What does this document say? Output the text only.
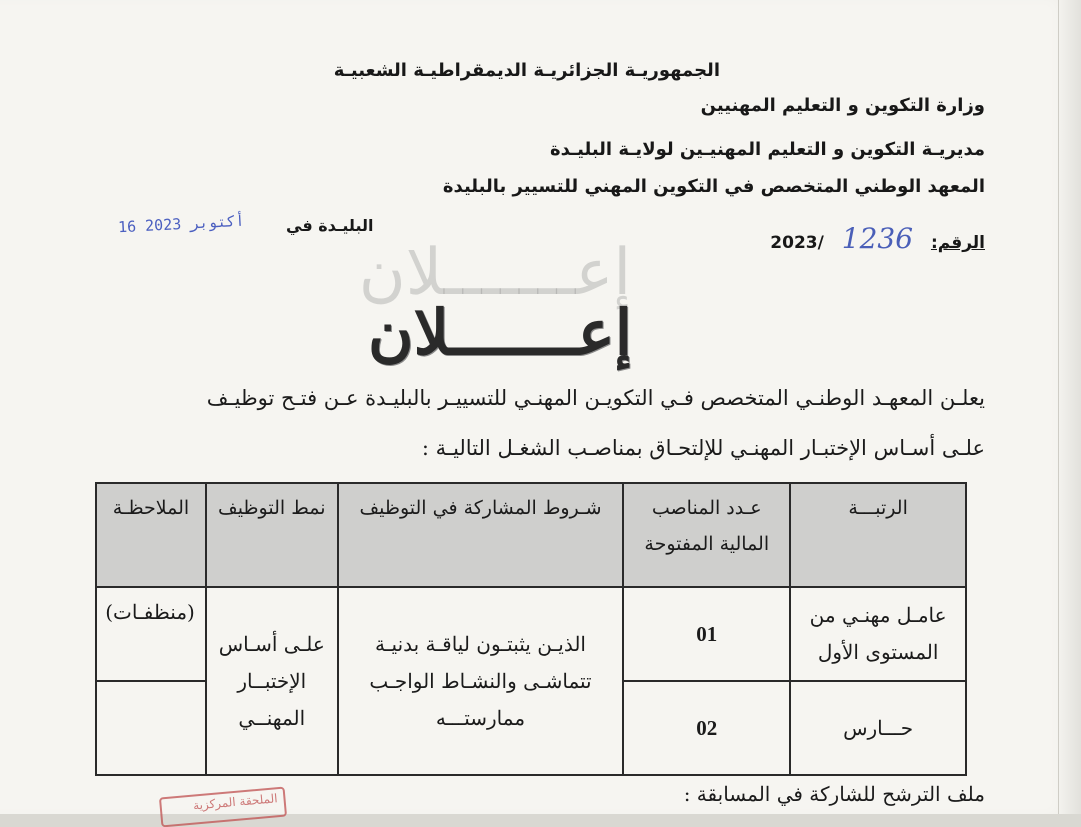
الجمهوريـة الجزائريـة الديمقراطيـة الشعبيـة
وزارة التكوين و التعليم المهنيين
مديريـة التكوين و التعليم المهنيـين لولايـة البليـدة
المعهد الوطني المتخصص في التكوين المهني للتسيير بالبليدة
الرقم: 1236 /2023
البليـدة في
16 أكتوبر 2023
إعـــــــلان
إعـــــــلان
يعلـن المعهـد الوطنـي المتخصص فـي التكويـن المهنـي للتسييـر بالبليـدة عـن فتـح توظيـف
علـى أسـاس الإختبـار المهنـي للإلتحـاق بمناصـب الشغـل التاليـة :
الرتبـــة	عـدد المناصب المالية المفتوحة	شـروط المشاركة في التوظيف	نمط التوظيف	الملاحظـة
عامـل مهنـي من المستوى الأول	01	الذيـن يثبتـون لياقـة بدنيـة تتماشـى والنشـاط الواجـب ممارستـــه	علـى أسـاس الإختبــار المهنــي	(منظفـات)
حـــارس	02			
ملف الترشح للشاركة في المسابقة :
الملحقة المركزية
